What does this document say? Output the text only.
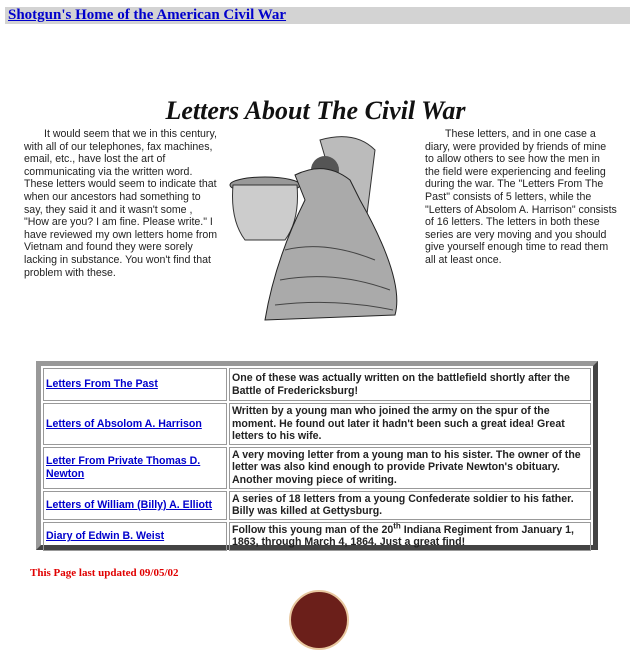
Shotgun's Home of the American Civil War
Letters About The Civil War

It would seem that we in this century, with all of our telephones, fax machines, email, etc., have lost the art of communicating via the written word. These letters would seem to indicate that when our ancestors had something to say, they said it and it wasn't some , "How are you? I am fine. Please write." I have reviewed my own letters home from Vietnam and found they were sorely lacking in substance. You won't find that problem with these.

These letters, and in one case a diary, were provided by friends of mine to allow others to see how the men in the field were experiencing and feeling during the war. The "Letters From The Past" consists of 5 letters, while the "Letters of Absolom A. Harrison" consists of 16 letters. The letters in both these series are very moving and you should give yourself enough time to read them all at least once.

Letters From The Past	One of these was actually written on the battlefield shortly after the Battle of Fredericksburg!
Letters of Absolom A. Harrison	Written by a young man who joined the army on the spur of the moment. He found out later it hadn't been such a great idea! Great letters to his wife.
Letter From Private Thomas D. Newton	A very moving letter from a young man to his sister. The owner of the letter was also kind enough to provide Private Newton's obituary. Another moving piece of writing.
Letters of William (Billy) A. Elliott	A series of 18 letters from a young Confederate soldier to his father. Billy was killed at Gettysburg.
Diary of Edwin B. Weist	Follow this young man of the 20th Indiana Regiment from January 1, 1863, through March 4, 1864. Just a great find!
This Page last updated 09/05/02
